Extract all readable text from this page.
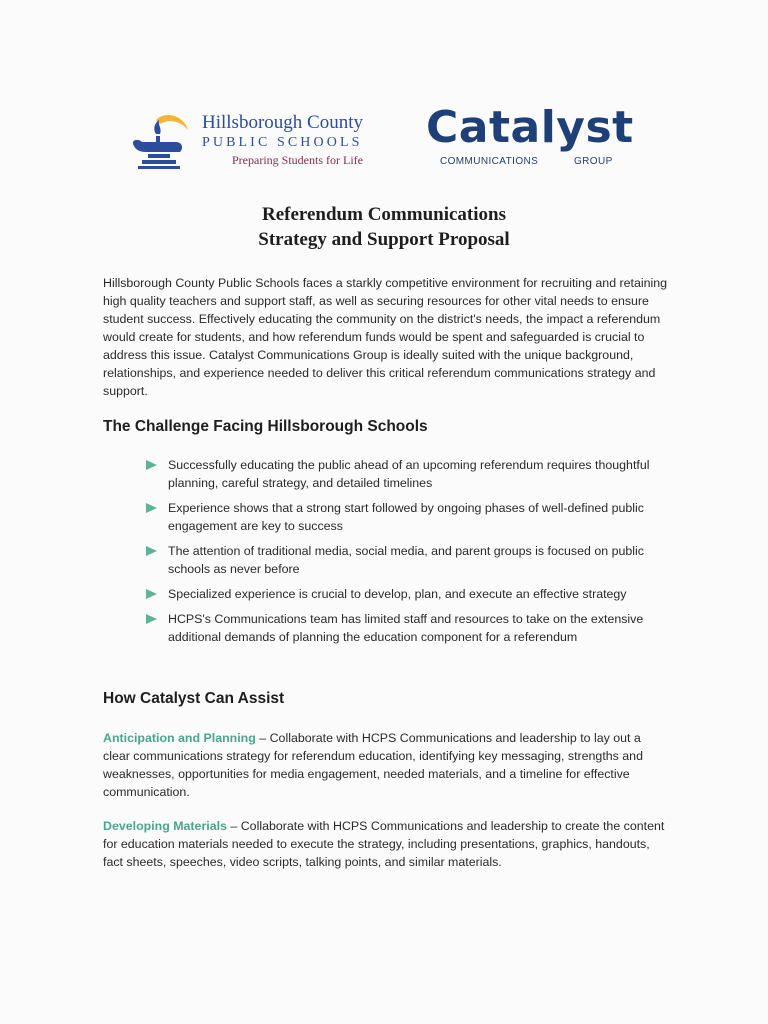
Hillsborough County
PUBLIC SCHOOLS
Preparing Students for Life
Catalyst
COMMUNICATIONS	GROUP
Referendum Communications
Strategy and Support Proposal
Hillsborough County Public Schools faces a starkly competitive environment for recruiting and retaining high quality teachers and support staff, as well as securing resources for other vital needs to ensure student success. Effectively educating the community on the district's needs, the impact a referendum would create for students, and how referendum funds would be spent and safeguarded is crucial to address this issue. Catalyst Communications Group is ideally suited with the unique background, relationships, and experience needed to deliver this critical referendum communications strategy and support.
The Challenge Facing Hillsborough Schools
Successfully educating the public ahead of an upcoming referendum requires thoughtful planning, careful strategy, and detailed timelines
Experience shows that a strong start followed by ongoing phases of well-defined public engagement are key to success
The attention of traditional media, social media, and parent groups is focused on public schools as never before
Specialized experience is crucial to develop, plan, and execute an effective strategy
HCPS's Communications team has limited staff and resources to take on the extensive additional demands of planning the education component for a referendum
How Catalyst Can Assist
Anticipation and Planning – Collaborate with HCPS Communications and leadership to lay out a clear communications strategy for referendum education, identifying key messaging, strengths and weaknesses, opportunities for media engagement, needed materials, and a timeline for effective communication.
Developing Materials – Collaborate with HCPS Communications and leadership to create the content for education materials needed to execute the strategy, including presentations, graphics, handouts, fact sheets, speeches, video scripts, talking points, and similar materials.
